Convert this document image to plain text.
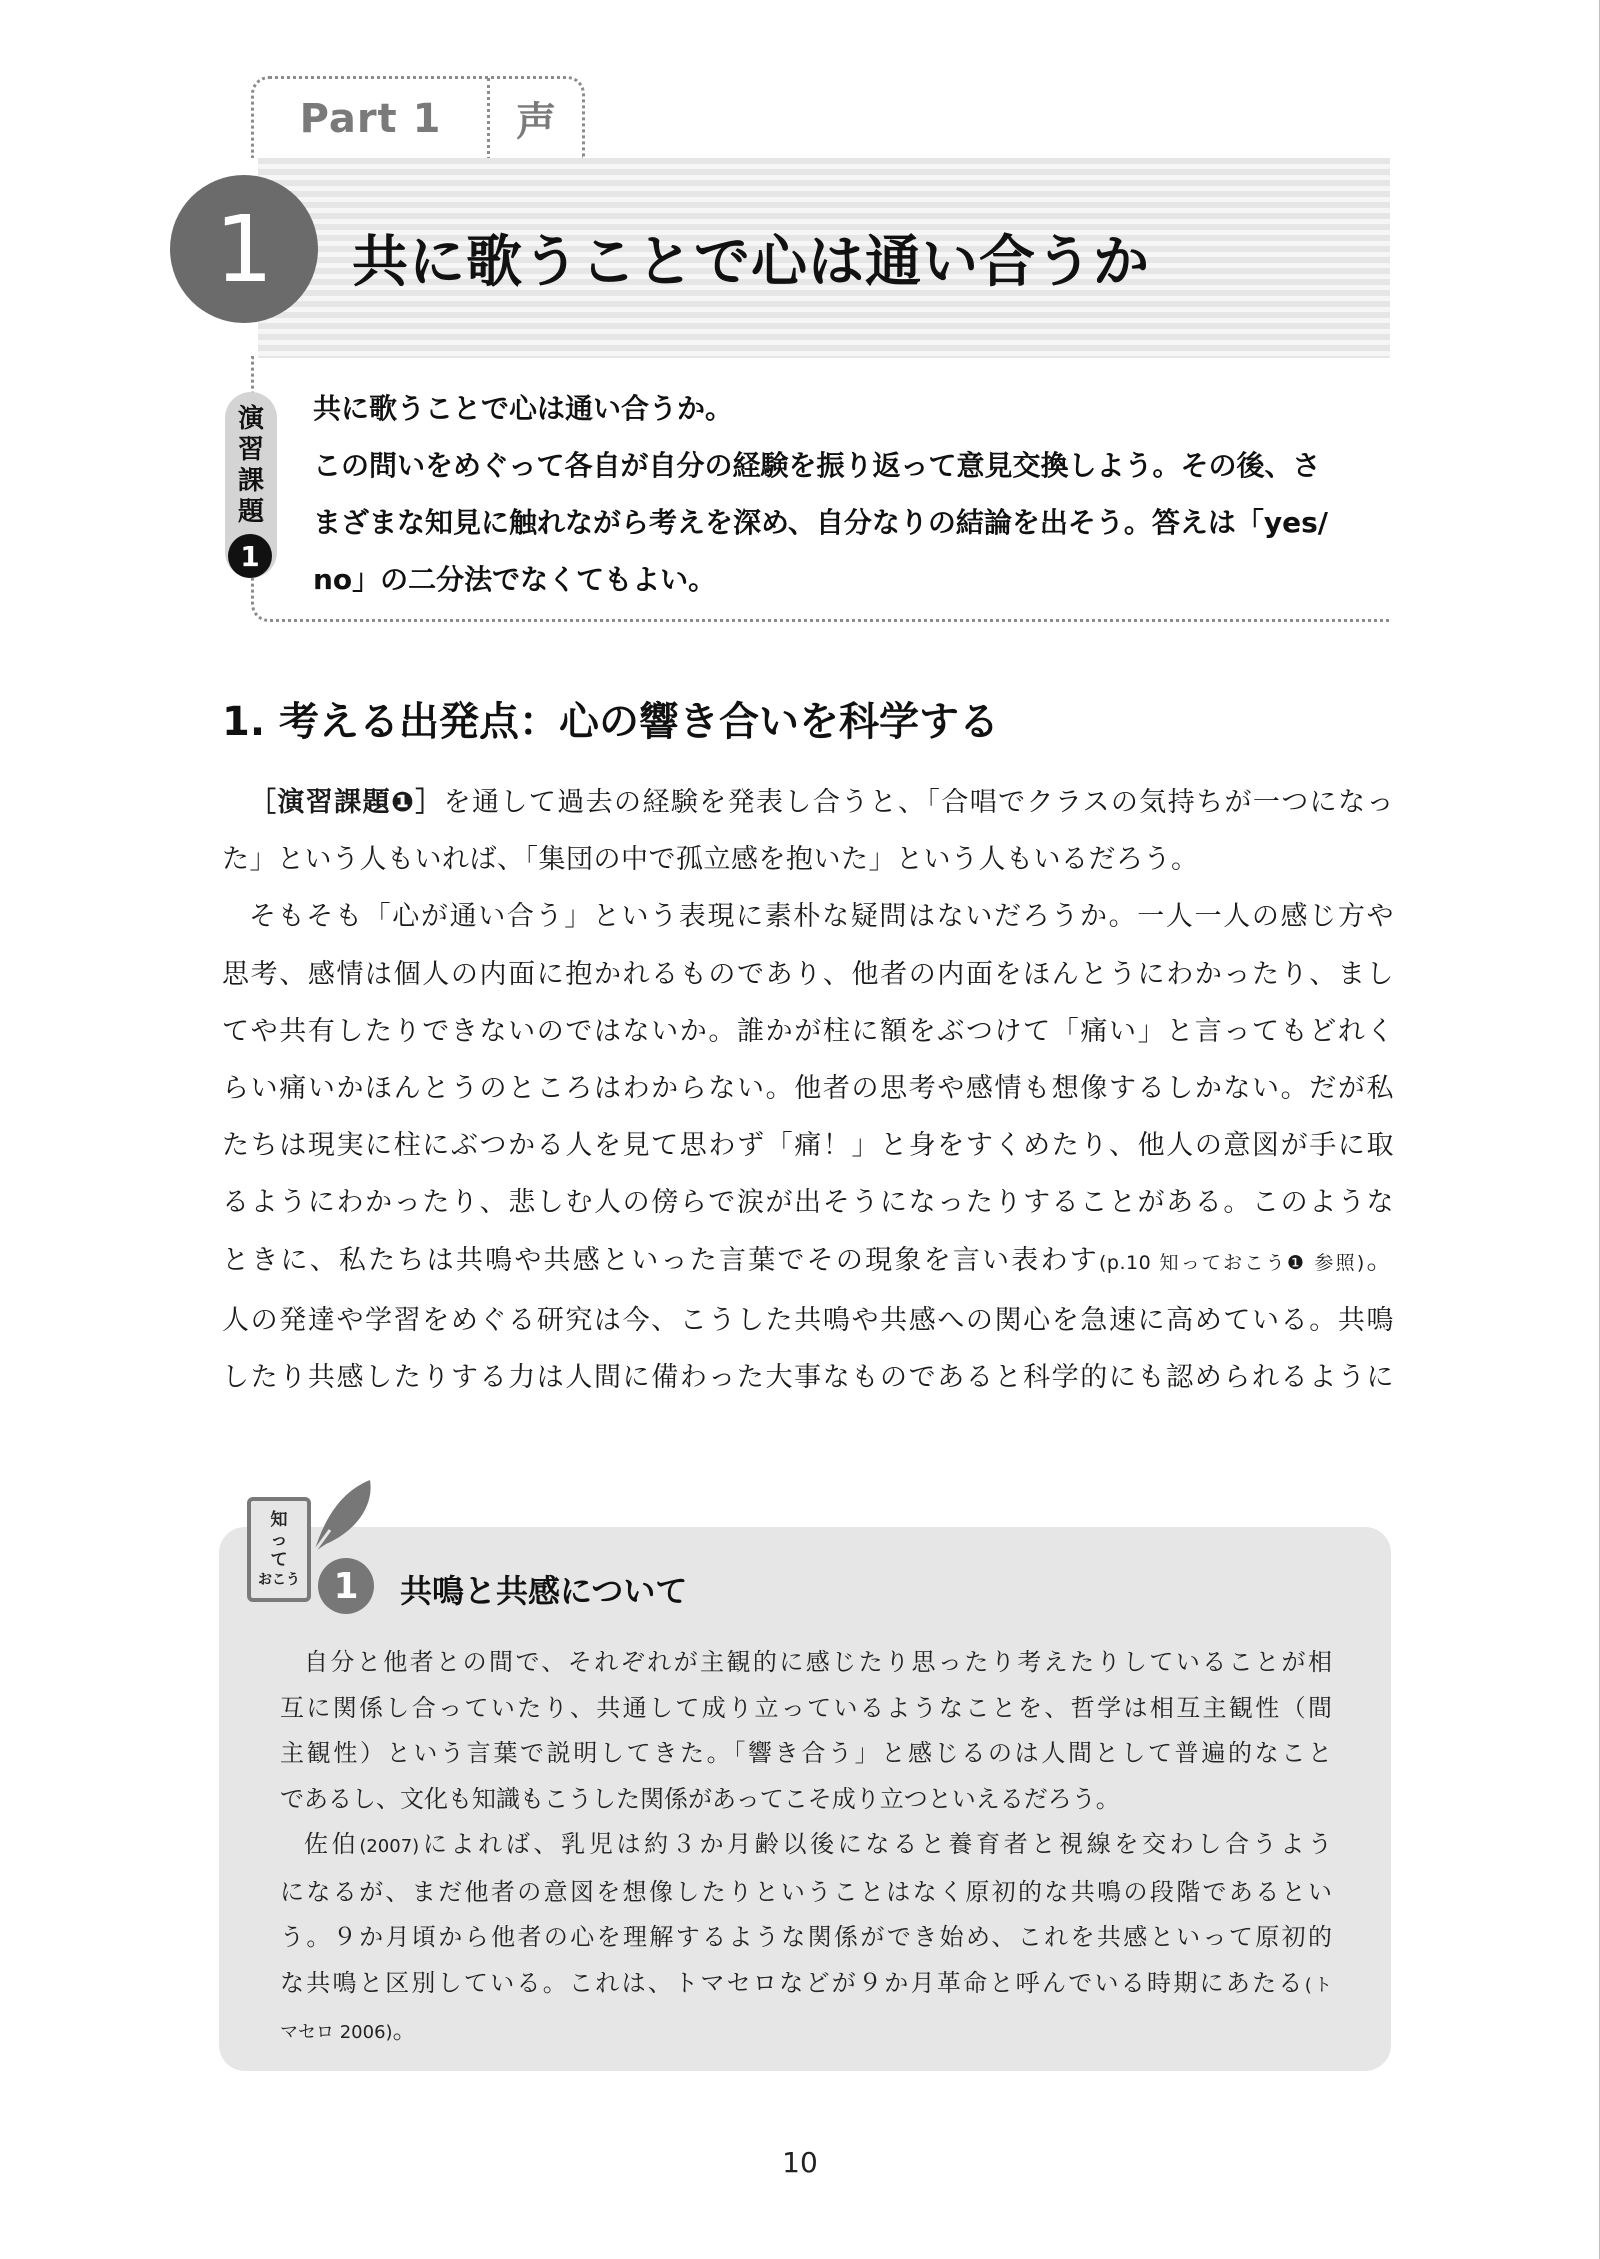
Part 1	声
1 共に歌うことで心は通い合うか
演
習
課
題
1

共に歌うことで心は通い合うか。

この問いをめぐって各自が自分の経験を振り返って意見交換しよう。その後、さ

まざまな知見に触れながら考えを深め、自分なりの結論を出そう。答えは「yes/

no」の二分法でなくてもよい。

1. 考える出発点：心の響き合いを科学する

［演習課題❶］を通して過去の経験を発表し合うと、「合唱でクラスの気持ちが一つになっ

た」という人もいれば、「集団の中で孤立感を抱いた」という人もいるだろう。

そもそも「心が通い合う」という表現に素朴な疑問はないだろうか。一人一人の感じ方や

思考、感情は個人の内面に抱かれるものであり、他者の内面をほんとうにわかったり、まし

てや共有したりできないのではないか。誰かが柱に額をぶつけて「痛い」と言ってもどれく

らい痛いかほんとうのところはわからない。他者の思考や感情も想像するしかない。だが私

たちは現実に柱にぶつかる人を見て思わず「痛！」と身をすくめたり、他人の意図が手に取

るようにわかったり、悲しむ人の傍らで涙が出そうになったりすることがある。このような

ときに、私たちは共鳴や共感といった言葉でその現象を言い表わす(p.10 知っておこう❶ 参照)。

人の発達や学習をめぐる研究は今、こうした共鳴や共感への関心を急速に高めている。共鳴

したり共感したりする力は人間に備わった大事なものであると科学的にも認められるように

知
っ
て
おこう 1 共鳴と共感について

自分と他者との間で、それぞれが主観的に感じたり思ったり考えたりしていることが相

互に関係し合っていたり、共通して成り立っているようなことを、哲学は相互主観性（間

主観性）という言葉で説明してきた。「響き合う」と感じるのは人間として普遍的なこと

であるし、文化も知識もこうした関係があってこそ成り立つといえるだろう。

佐伯(2007)によれば、乳児は約３か月齢以後になると養育者と視線を交わし合うよう

になるが、まだ他者の意図を想像したりということはなく原初的な共鳴の段階であるとい

う。９か月頃から他者の心を理解するような関係ができ始め、これを共感といって原初的

な共鳴と区別している。これは、トマセロなどが９か月革命と呼んでいる時期にあたる(ト

マセロ 2006)。

10
